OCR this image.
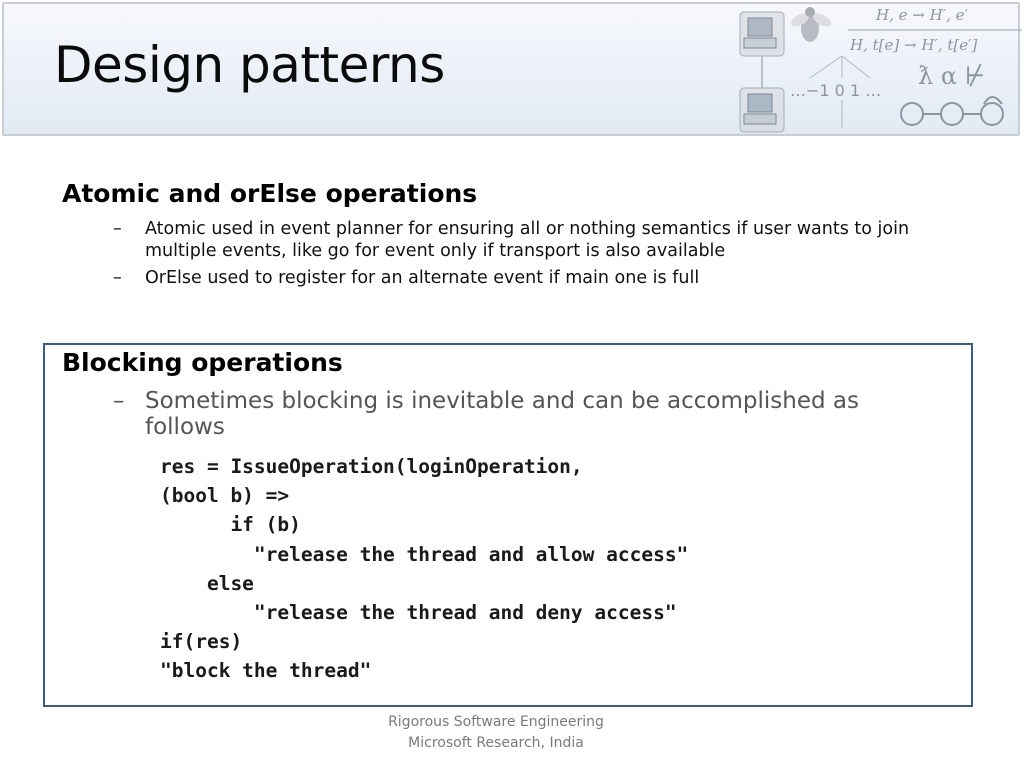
Design patterns
H, e → H′, e′
H, t[e] → H′, t[e′]
…−1 0 1 …
ƛ α ⊬
Atomic and orElse operations
– Atomic used in event planner for ensuring all or nothing semantics if user wants to join multiple events, like go for event only if transport is also available
– OrElse used to register for an alternate event if main one is full
Blocking operations
– Sometimes blocking is inevitable and can be accomplished as follows
res = IssueOperation(loginOperation,
(bool b) =>
if (b)
"release the thread and allow access"
else
"release the thread and deny access"
if(res)
"block the thread"
Rigorous Software Engineering
Microsoft Research, India
